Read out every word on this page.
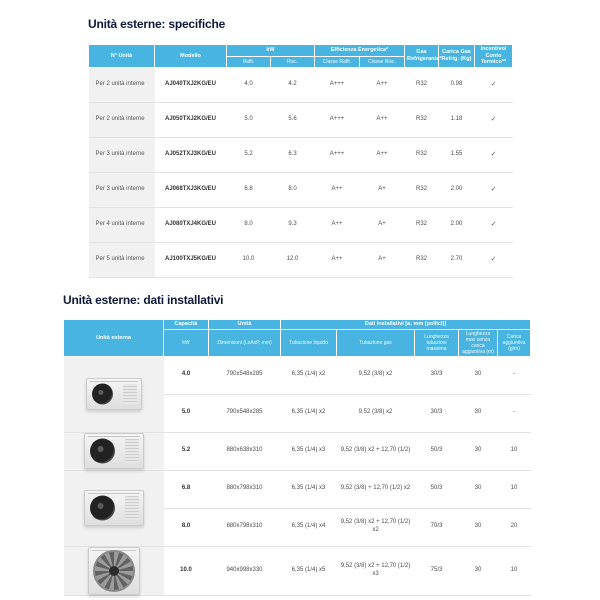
Unità esterne: specifiche
N° Unità	Modello	kW		Efficienza Energetica*		Gas Refrigerante*	Carica Gas Refrig. (Kg)	Incentivo/ Conto Termico**
		Raffr.	Risc.	Classe Raffr.	Classe Risc.			
Per 2 unità interne	AJ040TXJ2KG/EU	4.0	4.2	A+++	A++	R32	0.98	✓
Per 2 unità interne	AJ050TXJ2KG/EU	5.0	5.6	A+++	A++	R32	1.18	✓
Per 3 unità interne	AJ052TXJ3KG/EU	5.2	6.3	A+++	A++	R32	1.55	✓
Per 3 unità interne	AJ068TXJ3KG/EU	6.8	8.0	A++	A+	R32	2.00	✓
Per 4 unità interne	AJ080TXJ4KG/EU	8.0	9.3	A++	A+	R32	2.00	✓
Per 5 unità interne	AJ100TXJ5KG/EU	10.0	12.0	A++	A+	R32	2.70	✓
Unità esterne: dati installativi
Unità esterna	Capacità	Unità	Dati installativi [ø, mm (pollici)]				
	kW	Dimensioni (LxAxP, mm)	Tubazione liquido	Tubazione gas	Lunghezza tubazioni massima	Lunghezza max senza carica aggiuntiva (m)	Carica aggiuntiva (g/m)

	4.0	790x548x285	6,35 (1/4) x2	9,52 (3/8) x2	30/3	30	-
	5.0	790x548x285	6,35 (1/4) x2	9,52 (3/8) x2	30/3	30	-

	5.2	880x638x310	6,35 (1/4) x3	9,52 (3/8) x2 + 12,70 (1/2)	50/3	30	10

	6.8	880x798x310	6,35 (1/4) x3	9,52 (3/8) + 12,70 (1/2) x2	50/3	30	10
	8.0	880x798x310	6,35 (1/4) x4	9,52 (3/8) x2 + 12,70 (1/2) x2	70/3	30	20

	10.0	940x998x330	6,35 (1/4) x5	9,52 (3/8) x2 + 12,70 (1/2) x3	75/3	30	10
